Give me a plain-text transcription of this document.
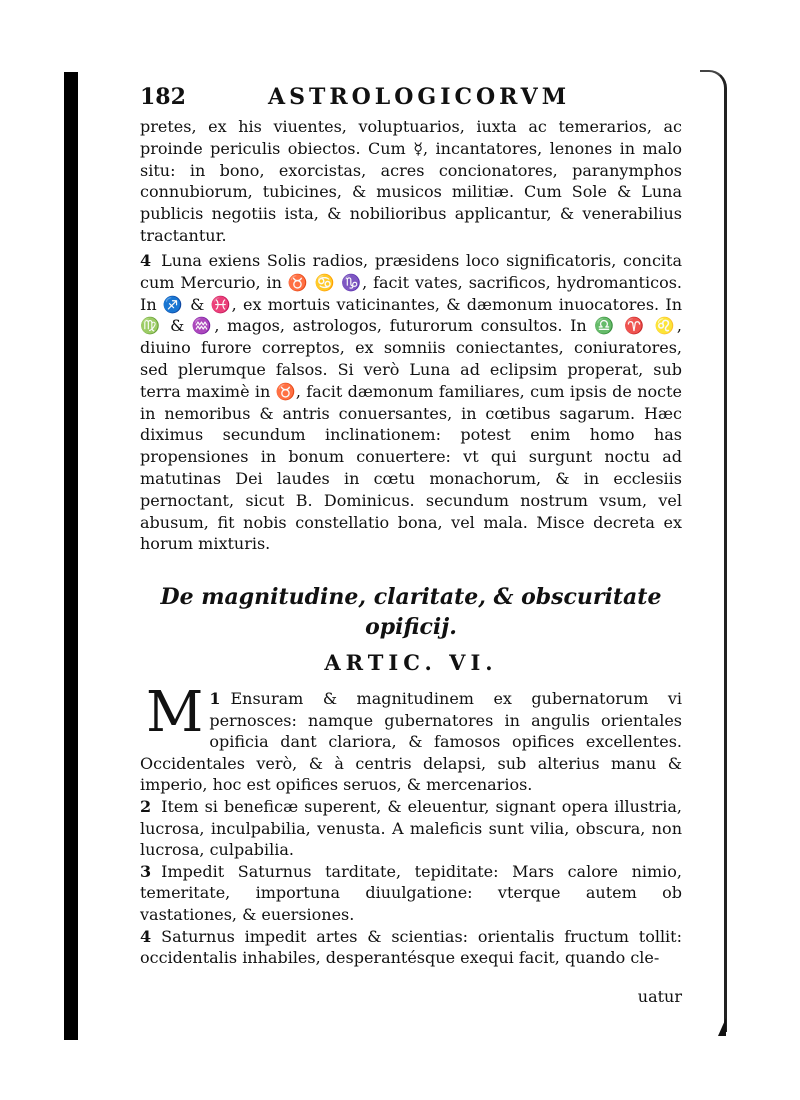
182	ASTROLOGICORVM
pretes, ex his viuentes, voluptuarios, iuxta ac temerarios, ac proinde periculis obiectos. Cum ☿, incantatores, lenones in malo situ: in bono, exorcistas, acres concionatores, paranymphos connubiorum, tubicines, & musicos militiæ. Cum Sole & Luna publicis negotiis ista, & nobilioribus applicantur, & venerabilius tractantur.
4 Luna exiens Solis radios, præsidens loco significatoris, concita cum Mercurio, in ♉ ♋ ♑, facit vates, sacrificos, hydromanticos. In ♐ & ♓, ex mortuis vaticinantes, & dæmonum inuocatores. In ♍ & ♒, magos, astrologos, futurorum consultos. In ♎ ♈ ♌, diuino furore correptos, ex somniis coniectantes, coniuratores, sed plerumque falsos. Si verò Luna ad eclipsim properat, sub terra maximè in ♉, facit dæmonum familiares, cum ipsis de nocte in nemoribus & antris conuersantes, in cœtibus sagarum. Hæc diximus secundum inclinationem: potest enim homo has propensiones in bonum conuertere: vt qui surgunt noctu ad matutinas Dei laudes in cœtu monachorum, & in ecclesiis pernoctant, sicut B. Dominicus. secundum nostrum vsum, vel abusum, fit nobis constellatio bona, vel mala. Misce decreta ex horum mixturis.
De magnitudine, claritate, & obscuritate
opificij.
ARTIC. VI.

1
M Ensuram & magnitudinem ex gubernatorum vi pernosces: namque gubernatores in angulis orientales opificia dant clariora, & famosos opifices excellentes. Occidentales verò, & à centris delapsi, sub alterius manu & imperio, hoc est opifices seruos, & mercenarios.

2 Item si beneficæ superent, & eleuentur, signant opera illustria, lucrosa, inculpabilia, venusta. A maleficis sunt vilia, obscura, non lucrosa, culpabilia.

3 Impedit Saturnus tarditate, tepiditate: Mars calore nimio, temeritate, importuna diuulgatione: vterque autem ob vastationes, & euersiones.

4 Saturnus impedit artes & scientias: orientalis fructum tollit: occidentalis inhabiles, desperantésque exequi facit, quando cle-

uatur
